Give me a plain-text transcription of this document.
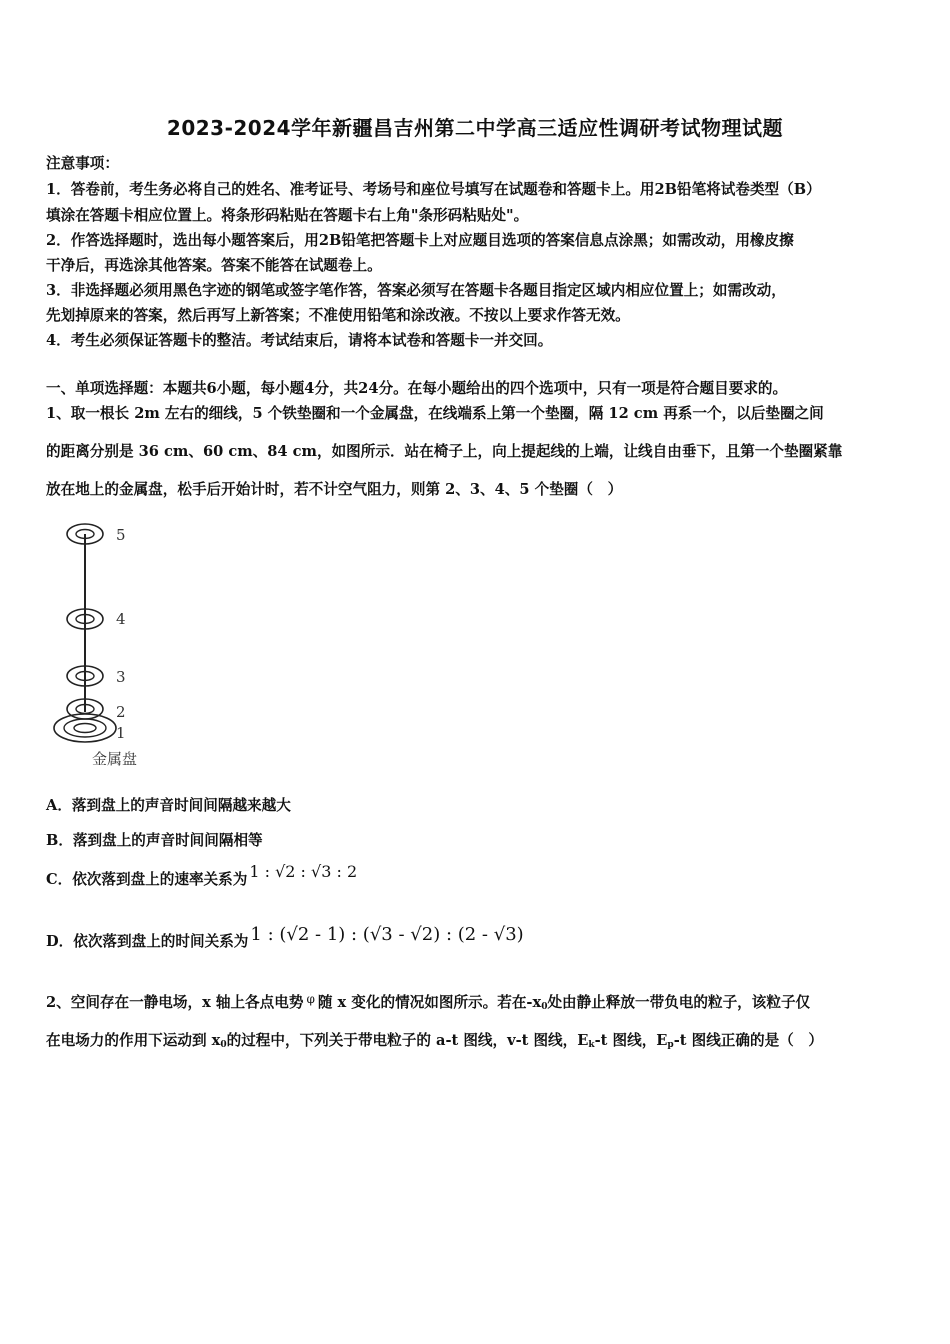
2023-2024学年新疆昌吉州第二中学高三适应性调研考试物理试题
注意事项：
1．答卷前，考生务必将自己的姓名、准考证号、考场号和座位号填写在试题卷和答题卡上。用2B铅笔将试卷类型（B）
填涂在答题卡相应位置上。将条形码粘贴在答题卡右上角"条形码粘贴处"。
2．作答选择题时，选出每小题答案后，用2B铅笔把答题卡上对应题目选项的答案信息点涂黑；如需改动，用橡皮擦
干净后，再选涂其他答案。答案不能答在试题卷上。
3．非选择题必须用黑色字迹的钢笔或签字笔作答，答案必须写在答题卡各题目指定区域内相应位置上；如需改动，
先划掉原来的答案，然后再写上新答案；不准使用铅笔和涂改液。不按以上要求作答无效。
4．考生必须保证答题卡的整洁。考试结束后，请将本试卷和答题卡一并交回。
一、单项选择题：本题共6小题，每小题4分，共24分。在每小题给出的四个选项中，只有一项是符合题目要求的。
1、取一根长 2m 左右的细线，5 个铁垫圈和一个金属盘，在线端系上第一个垫圈，隔 12 cm 再系一个，以后垫圈之间
的距离分别是 36 cm、60 cm、84 cm，如图所示．站在椅子上，向上提起线的上端，让线自由垂下，且第一个垫圈紧靠
放在地上的金属盘，松手后开始计时，若不计空气阻力，则第 2、3、4、5 个垫圈（　）
5
4
3
2
1
金属盘
A．落到盘上的声音时间间隔越来越大
B．落到盘上的声音时间间隔相等
C．依次落到盘上的速率关系为 1 : √2 : √3 : 2
D．依次落到盘上的时间关系为 1 : (√2 - 1) : (√3 - √2) : (2 - √3)
2、空间存在一静电场，x 轴上各点电势 $^\varphi$ 随 x 变化的情况如图所示。若在$-x_0$处由静止释放一带负电的粒子，该粒子仅
在电场力的作用下运动到 $x_0$的过程中，下列关于带电粒子的 a-t 图线，v-t 图线，$E_k-t$ 图线，$E_p-t$ 图线正确的是（　）
